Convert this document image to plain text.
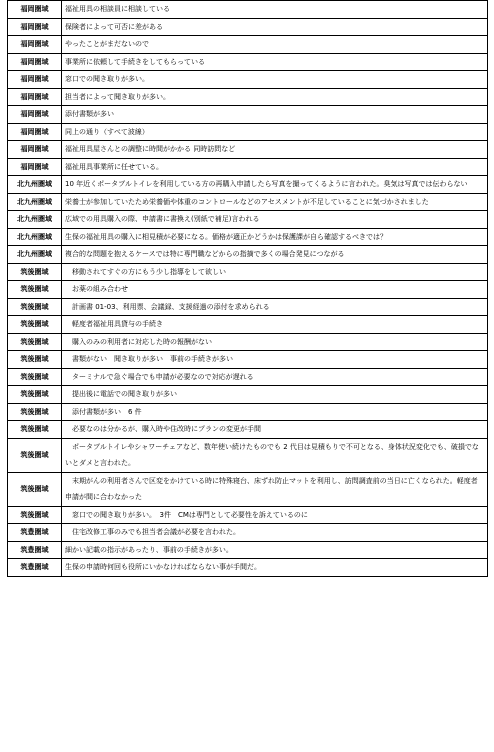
福岡圏域	福祉用具の相談員に相談している
福岡圏域	保険者によって可否に差がある
福岡圏域	やったことがまだないので
福岡圏域	事業所に依頼して手続きをしてもらっている
福岡圏域	窓口での聞き取りが多い。
福岡圏域	担当者によって聞き取りが多い。
福岡圏域	添付書類が多い
福岡圏域	同上の通り（すべて波線）
福岡圏域	福祉用具屋さんとの調整に時間がかかる 同時訪問など
福岡圏域	福祉用具事業所に任せている。
北九州圏域	10 年近くポータブルトイレを利用している方の再購入申請したら写真を撮ってくるように言われた。臭気は写真では伝わらない
北九州圏域	栄養士が参加していたため栄養価や体重のコントロールなどのアセスメントが不足していることに気づかされました
北九州圏域	広域での用具購入の際、申請書に書換え(別紙で補足)言われる
北九州圏域	生保の福祉用具の購入に相見積が必要になる。価格が適正かどうかは保護課が自ら確認するべきでは？
北九州圏域	複合的な問題を抱えるケースでは特に専門職などからの指摘で多くの場合発見につながる
筑後圏域	　移動されてすぐの方にもう少し指導をして欲しい
筑後圏域	　お薬の組み合わせ
筑後圏域	　計画書 01-03、利用票、会議録、支援経過の添付を求められる
筑後圏域	　軽度者福祉用具貸与の手続き
筑後圏域	　購入のみの利用者に対応した時の報酬がない
筑後圏域	　書類がない　聞き取りが多い　事前の手続きが多い
筑後圏域	　ターミナルで急ぐ場合でも申請が必要なので対応が遅れる
筑後圏域	　提出後に電話での聞き取りが多い
筑後圏域	　添付書類が多い　6 件
筑後圏域	　必要なのは分かるが、購入時や住改時にプランの変更が手間
筑後圏域	　ポータブルトイレやシャワーチェアなど、数年使い続けたものでも 2 代目は見積もりで不可となる、身体状況変化でも、破損でないとダメと言われた。
筑後圏域	　末期がんの利用者さんで区変をかけている時に特殊寝台、床ずれ防止マットを利用し、訪問調査前の当日に亡くなられた。軽度者申請が間に合わなかった
筑後圏域	　窓口での聞き取りが多い。　3件　CMは専門として必要性を訴えているのに
筑豊圏域	　住宅改修工事のみでも担当者会議が必要を言われた。
筑豊圏域	細かい記載の指示があったり、事前の手続きが多い。
筑豊圏域	生保の申請時何回も役所にいかなければならない事が手間だ。
